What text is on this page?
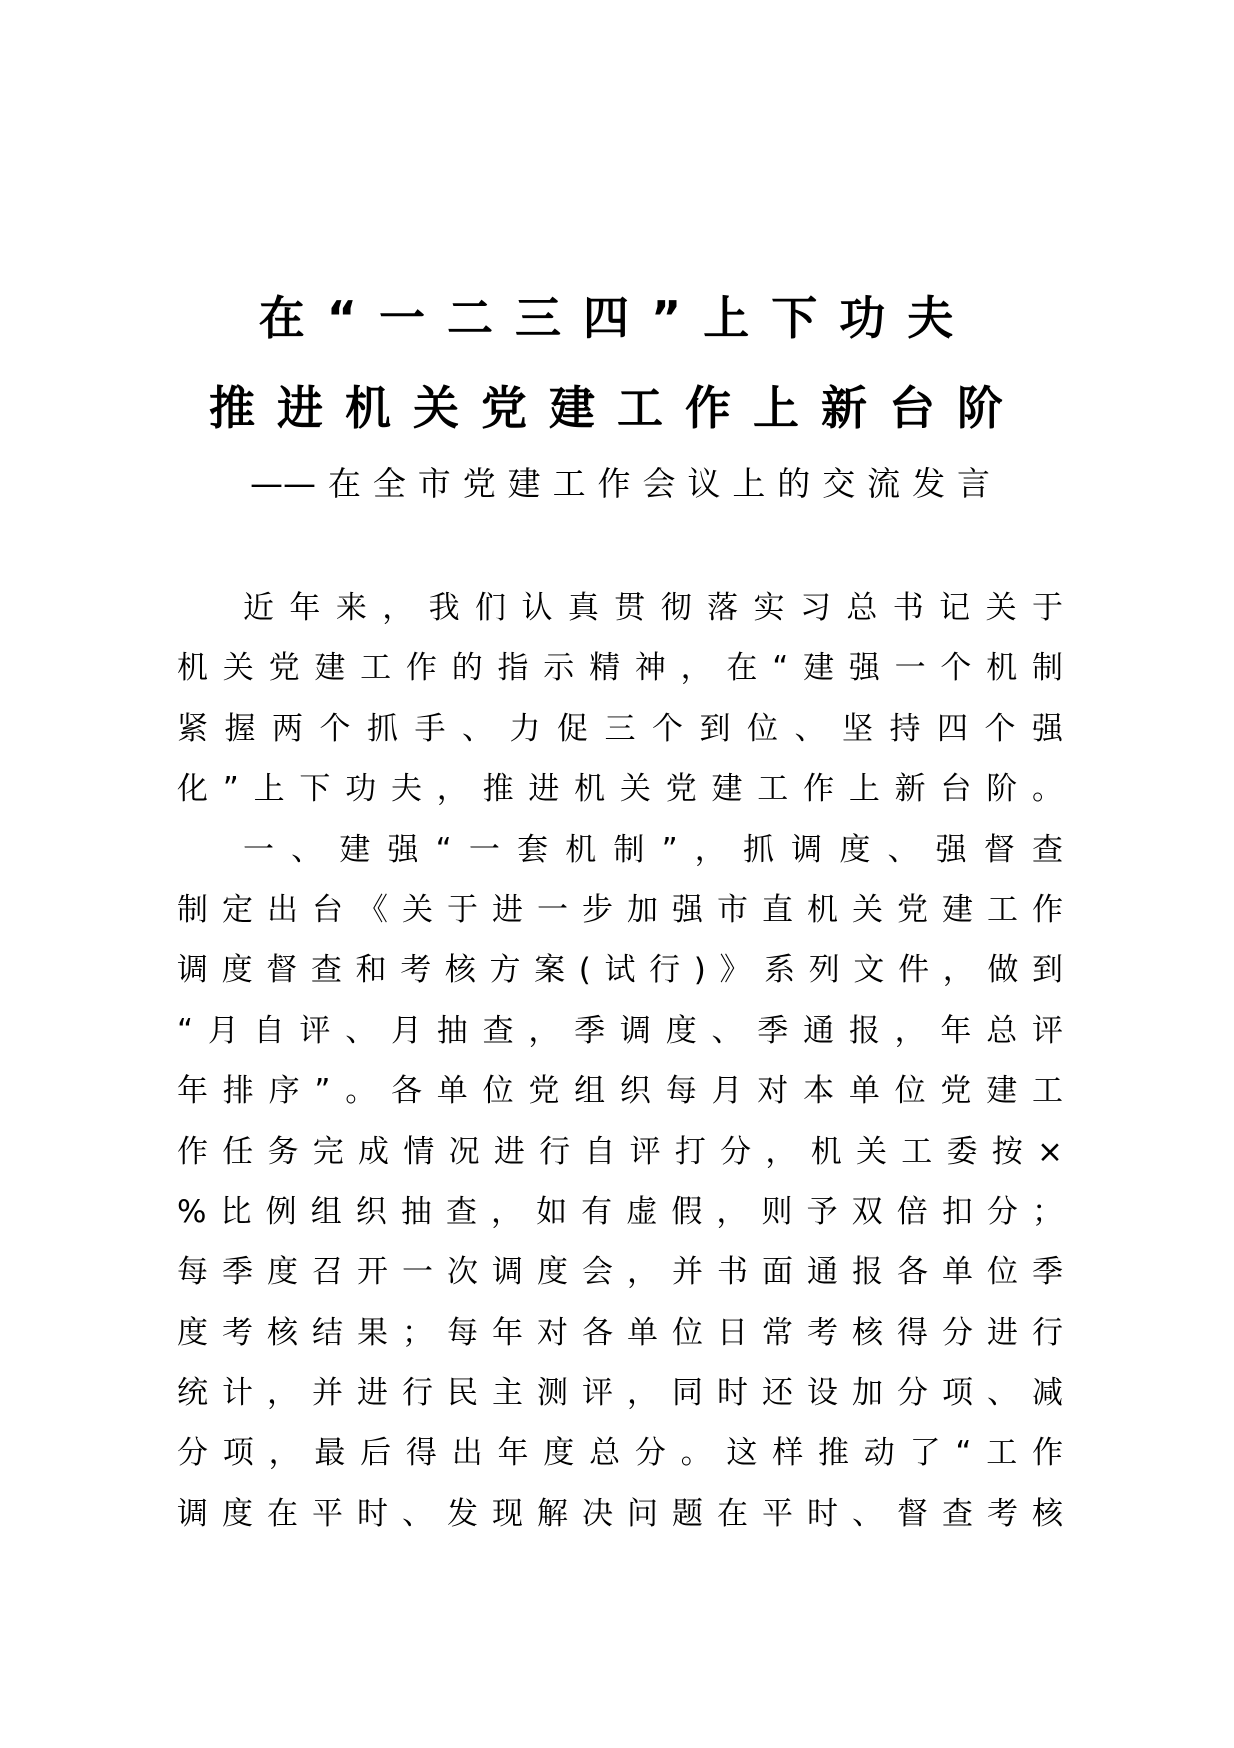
在“一二三四”上下功夫
推进机关党建工作上新台阶
——在全市党建工作会议上的交流发言
近年来，我们认真贯彻落实习总书记关于
机关党建工作的指示精神，在“建强一个机制
紧握两个抓手、力促三个到位、坚持四个强
化”上下功夫，推进机关党建工作上新台阶。
一、建强“一套机制”，抓调度、强督查
制定出台《关于进一步加强市直机关党建工作
调度督查和考核方案(试行)》系列文件，做到
“月自评、月抽查，季调度、季通报，年总评
年排序”。各单位党组织每月对本单位党建工
作任务完成情况进行自评打分，机关工委按×
%比例组织抽查，如有虚假，则予双倍扣分；
每季度召开一次调度会，并书面通报各单位季
度考核结果；每年对各单位日常考核得分进行
统计，并进行民主测评，同时还设加分项、减
分项，最后得出年度总分。这样推动了“工作
调度在平时、发现解决问题在平时、督查考核
